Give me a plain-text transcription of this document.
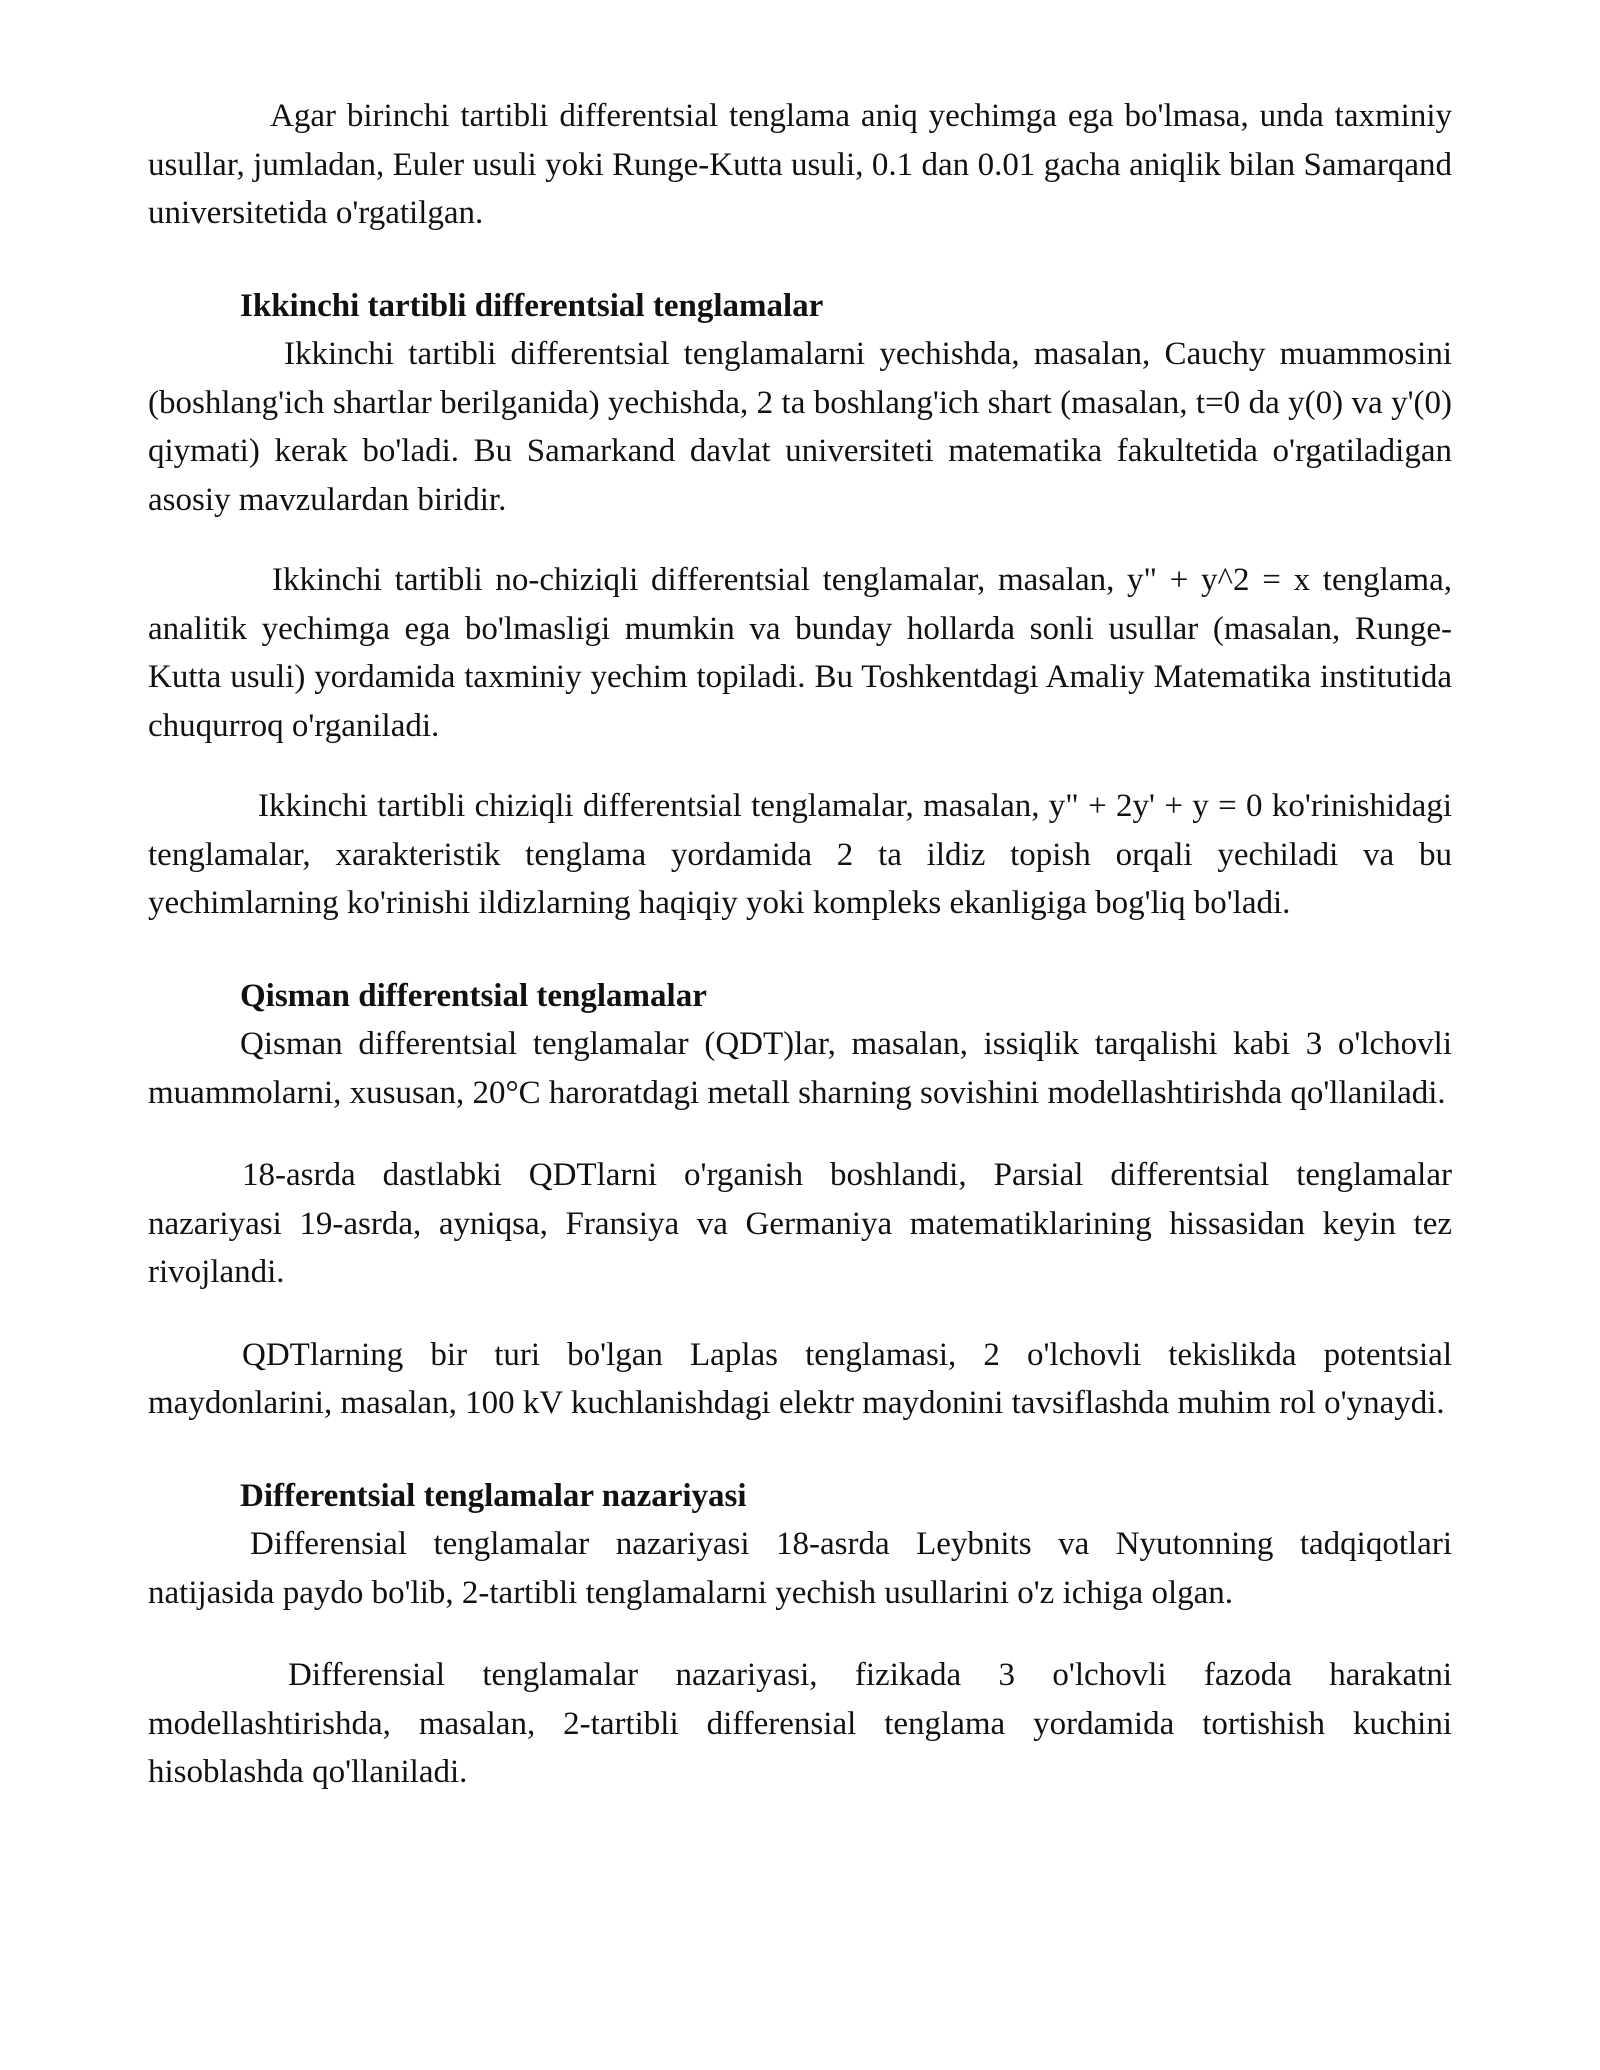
Agar birinchi tartibli differentsial tenglama aniq yechimga ega bo'lmasa, unda taxminiy usullar, jumladan, Euler usuli yoki Runge-Kutta usuli, 0.1 dan 0.01 gacha aniqlik bilan Samarqand universitetida o'rgatilgan.

Ikkinchi tartibli differentsial tenglamalar

Ikkinchi tartibli differentsial tenglamalarni yechishda, masalan, Cauchy muammosini (boshlang'ich shartlar berilganida) yechishda, 2 ta boshlang'ich shart (masalan, t=0 da y(0) va y'(0) qiymati) kerak bo'ladi. Bu Samarkand davlat universiteti matematika fakultetida o'rgatiladigan asosiy mavzulardan biridir.

Ikkinchi tartibli no-chiziqli differentsial tenglamalar, masalan, y" + y^2 = x tenglama, analitik yechimga ega bo'lmasligi mumkin va bunday hollarda sonli usullar (masalan, Runge-Kutta usuli) yordamida taxminiy yechim topiladi. Bu Toshkentdagi Amaliy Matematika institutida chuqurroq o'rganiladi.

Ikkinchi tartibli chiziqli differentsial tenglamalar, masalan, y" + 2y' + y = 0 ko'rinishidagi tenglamalar, xarakteristik tenglama yordamida 2 ta ildiz topish orqali yechiladi va bu yechimlarning ko'rinishi ildizlarning haqiqiy yoki kompleks ekanligiga bog'liq bo'ladi.

Qisman differentsial tenglamalar

Qisman differentsial tenglamalar (QDT)lar, masalan, issiqlik tarqalishi kabi 3 o'lchovli muammolarni, xususan, 20°C haroratdagi metall sharning sovishini modellashtirishda qo'llaniladi.

18-asrda dastlabki QDTlarni o'rganish boshlandi, Parsial differentsial tenglamalar nazariyasi 19-asrda, ayniqsa, Fransiya va Germaniya matematiklarining hissasidan keyin tez rivojlandi.

QDTlarning bir turi bo'lgan Laplas tenglamasi, 2 o'lchovli tekislikda potentsial maydonlarini, masalan, 100 kV kuchlanishdagi elektr maydonini tavsiflashda muhim rol o'ynaydi.

Differentsial tenglamalar nazariyasi

Differensial tenglamalar nazariyasi 18-asrda Leybnits va Nyutonning tadqiqotlari natijasida paydo bo'lib, 2-tartibli tenglamalarni yechish usullarini o'z ichiga olgan.

Differensial tenglamalar nazariyasi, fizikada 3 o'lchovli fazoda harakatni modellashtirishda, masalan, 2-tartibli differensial tenglama yordamida tortishish kuchini hisoblashda qo'llaniladi.
